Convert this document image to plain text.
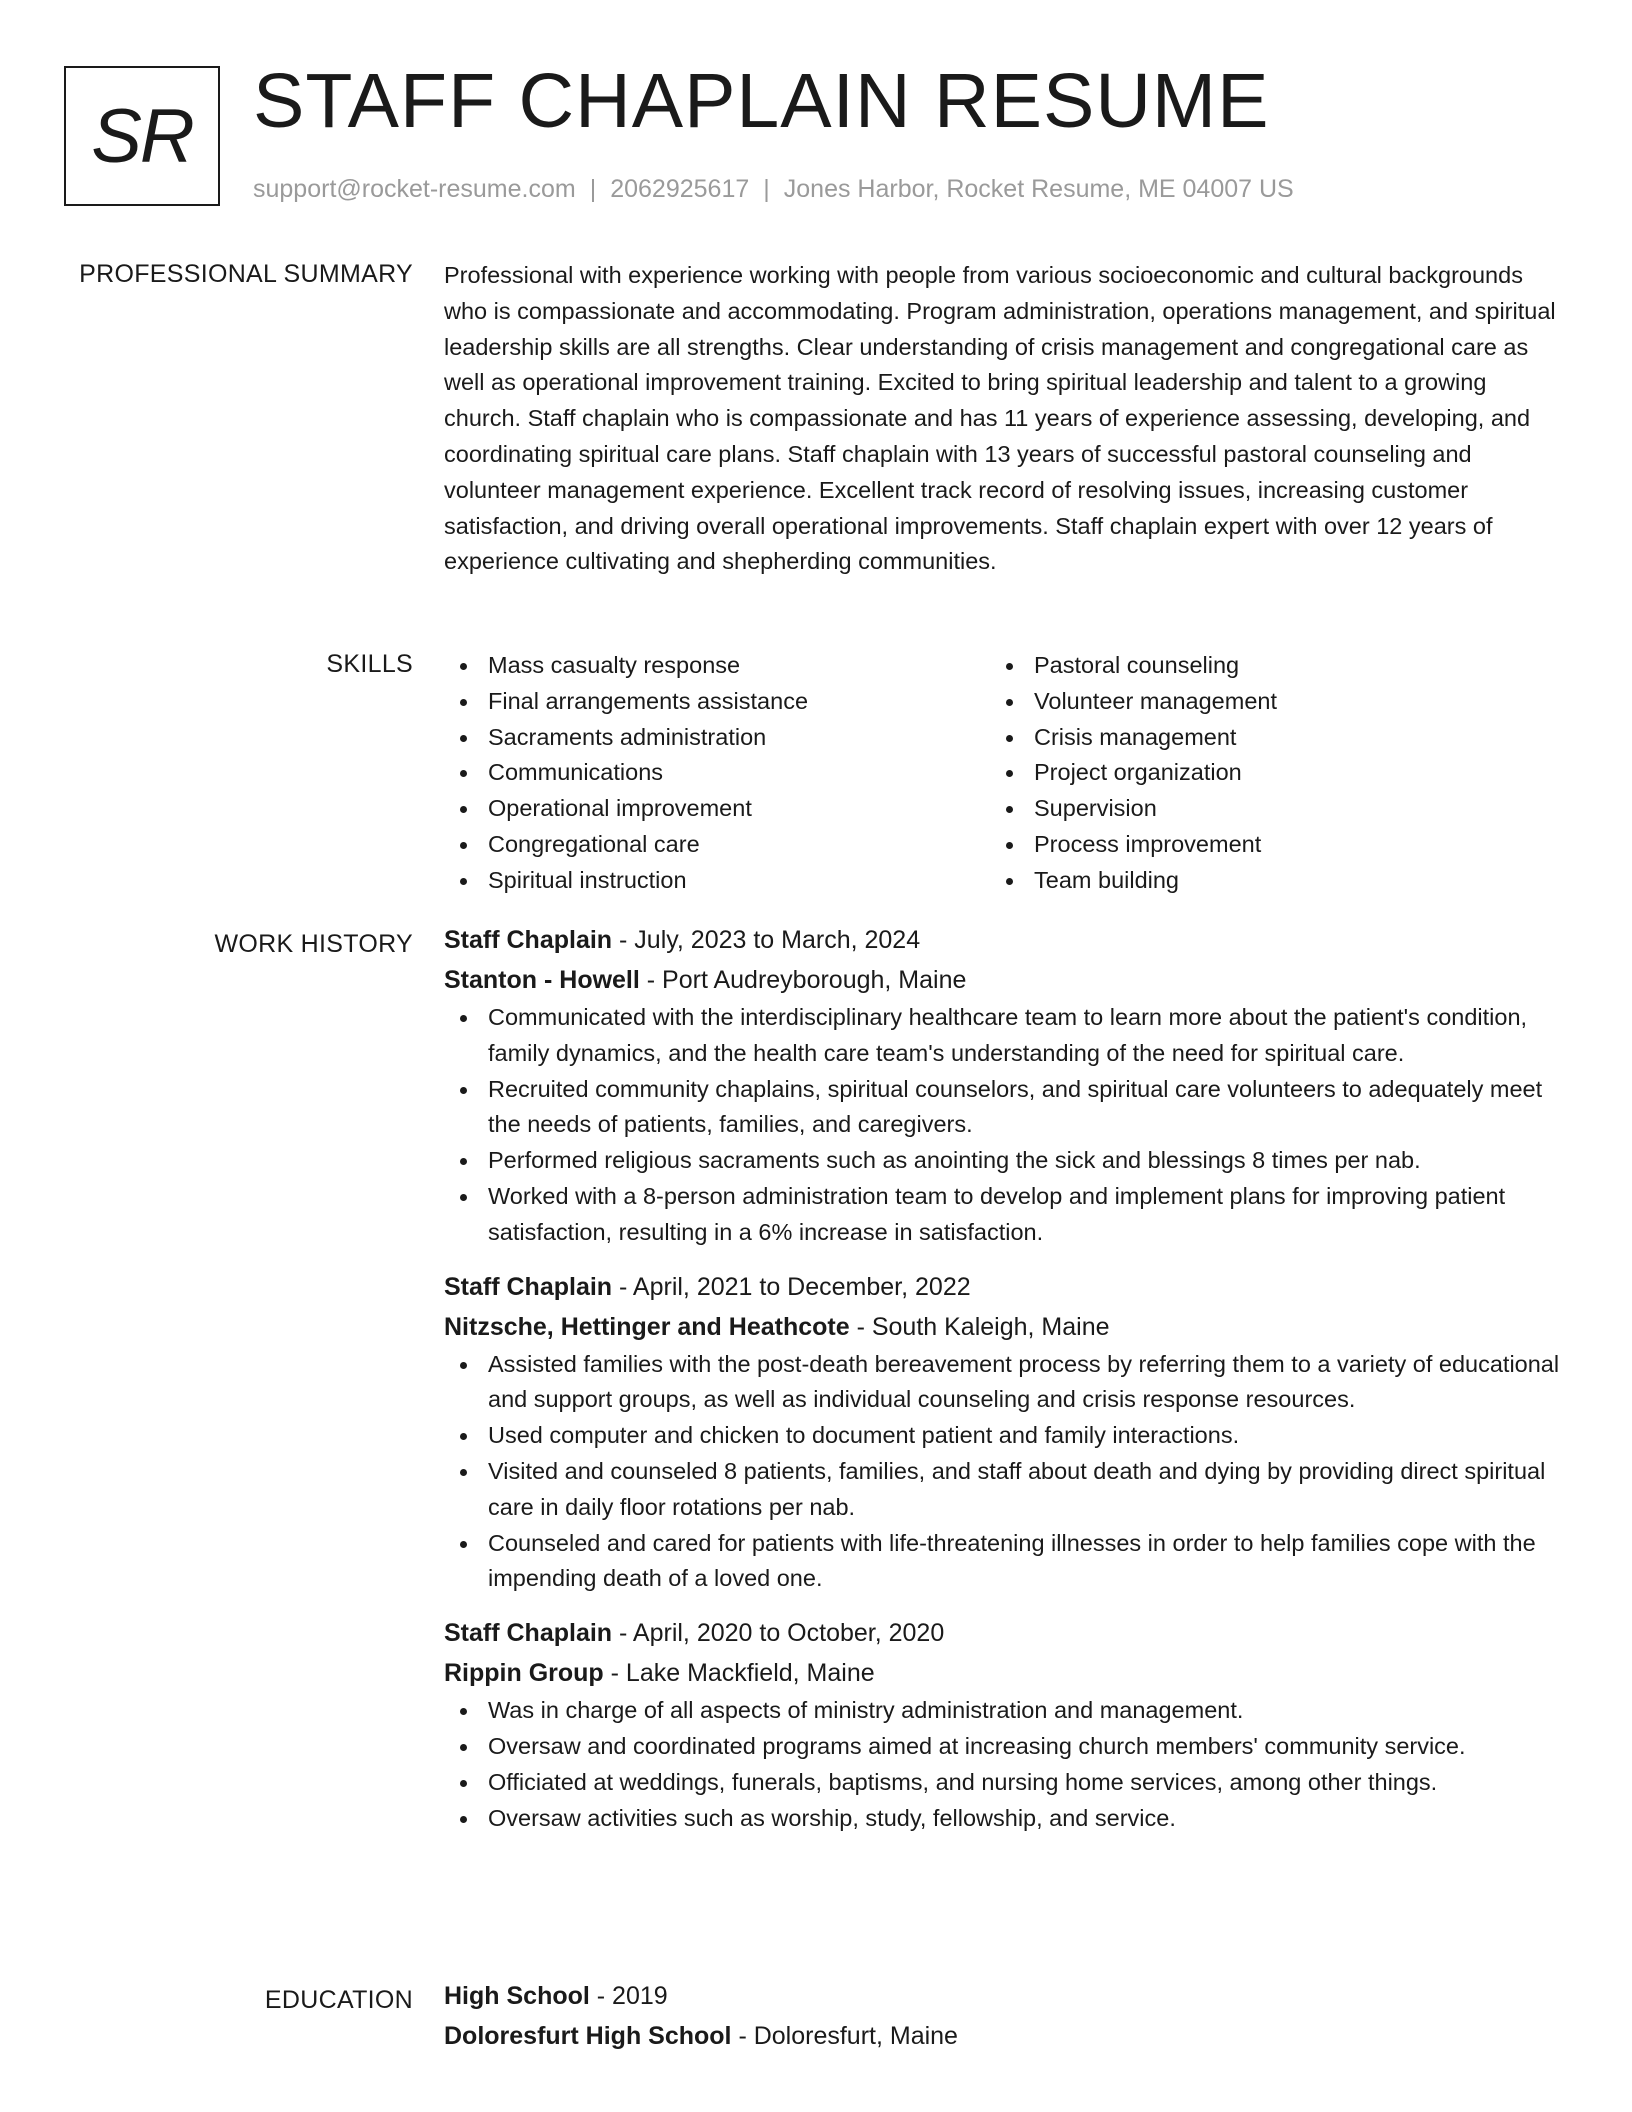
SR STAFF CHAPLAIN RESUME
support@rocket-resume.com | 2062925617 | Jones Harbor, Rocket Resume, ME 04007 US
PROFESSIONAL SUMMARY Professional with experience working with people from various socioeconomic and cultural backgrounds who is compassionate and accommodating. Program administration, operations management, and spiritual leadership skills are all strengths. Clear understanding of crisis management and congregational care as well as operational improvement training. Excited to bring spiritual leadership and talent to a growing church. Staff chaplain who is compassionate and has 11 years of experience assessing, developing, and coordinating spiritual care plans. Staff chaplain with 13 years of successful pastoral counseling and volunteer management experience. Excellent track record of resolving issues, increasing customer satisfaction, and driving overall operational improvements. Staff chaplain expert with over 12 years of experience cultivating and shepherding communities.

SKILLS	Mass casualty response
Final arrangements assistance
Sacraments administration
Communications
Operational improvement
Congregational care
Spiritual instruction
Pastoral counseling
Volunteer management
Crisis management
Project organization
Supervision
Process improvement
Team building
WORK HISTORY Staff Chaplain - July, 2023 to March, 2024
Stanton - Howell - Port Audreyborough, Maine
Communicated with the interdisciplinary healthcare team to learn more about the patient's condition, family dynamics, and the health care team's understanding of the need for spiritual care.
Recruited community chaplains, spiritual counselors, and spiritual care volunteers to adequately meet the needs of patients, families, and caregivers.
Performed religious sacraments such as anointing the sick and blessings 8 times per nab.
Worked with a 8-person administration team to develop and implement plans for improving patient satisfaction, resulting in a 6% increase in satisfaction.
Staff Chaplain - April, 2021 to December, 2022
Nitzsche, Hettinger and Heathcote - South Kaleigh, Maine
Assisted families with the post-death bereavement process by referring them to a variety of educational and support groups, as well as individual counseling and crisis response resources.
Used computer and chicken to document patient and family interactions.
Visited and counseled 8 patients, families, and staff about death and dying by providing direct spiritual care in daily floor rotations per nab.
Counseled and cared for patients with life-threatening illnesses in order to help families cope with the impending death of a loved one.
Staff Chaplain - April, 2020 to October, 2020
Rippin Group - Lake Mackfield, Maine
Was in charge of all aspects of ministry administration and management.
Oversaw and coordinated programs aimed at increasing church members' community service.
Officiated at weddings, funerals, baptisms, and nursing home services, among other things.
Oversaw activities such as worship, study, fellowship, and service.
EDUCATION High School - 2019
Doloresfurt High School - Doloresfurt, Maine
